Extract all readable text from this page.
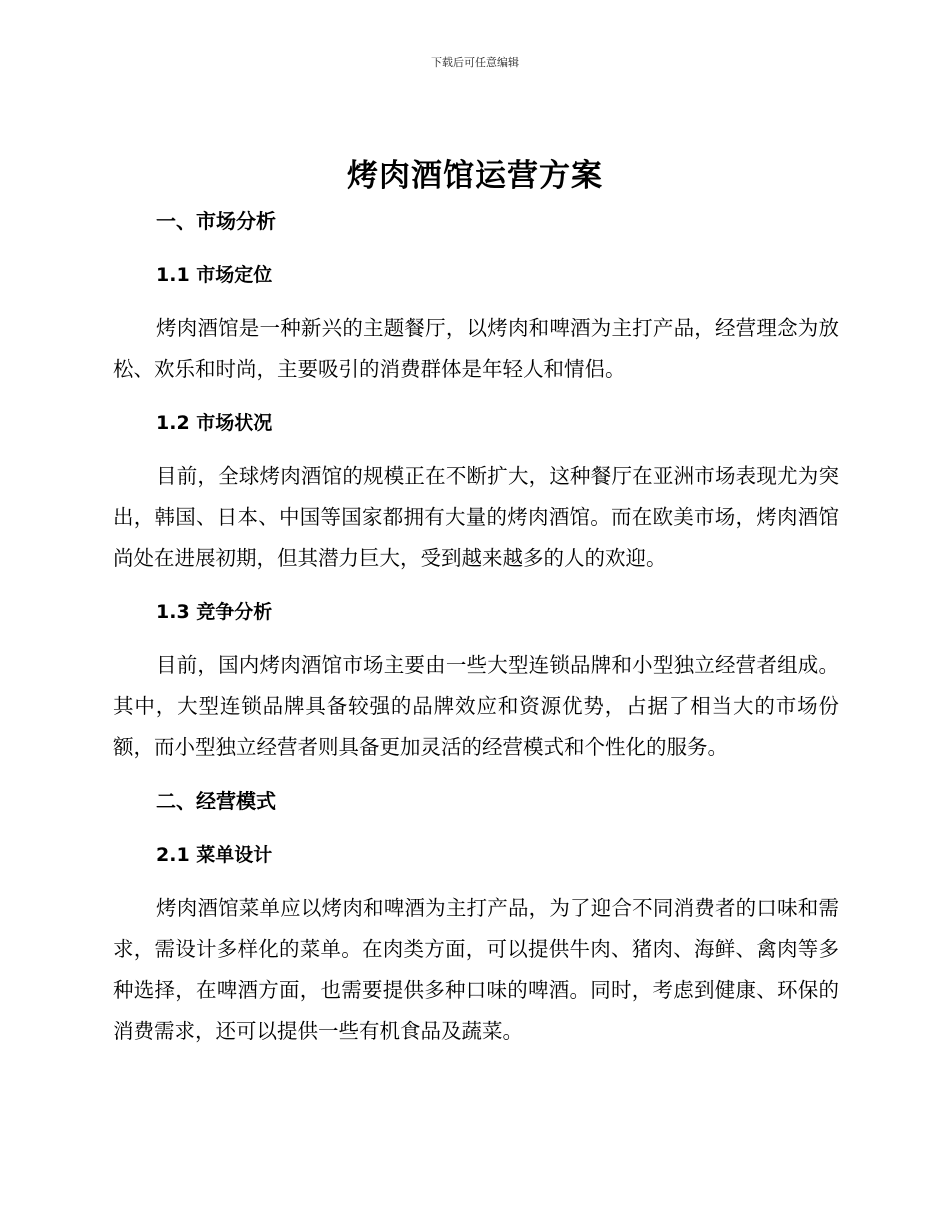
下载后可任意编辑
烤肉酒馆运营方案
一、市场分析
1.1 市场定位

烤肉酒馆是一种新兴的主题餐厅，以烤肉和啤酒为主打产品，经营理念为放松、欢乐和时尚，主要吸引的消费群体是年轻人和情侣。

1.2 市场状况

目前，全球烤肉酒馆的规模正在不断扩大，这种餐厅在亚洲市场表现尤为突出，韩国、日本、中国等国家都拥有大量的烤肉酒馆。而在欧美市场，烤肉酒馆尚处在进展初期，但其潜力巨大，受到越来越多的人的欢迎。

1.3 竞争分析

目前，国内烤肉酒馆市场主要由一些大型连锁品牌和小型独立经营者组成。其中，大型连锁品牌具备较强的品牌效应和资源优势，占据了相当大的市场份额，而小型独立经营者则具备更加灵活的经营模式和个性化的服务。

二、经营模式
2.1 菜单设计

烤肉酒馆菜单应以烤肉和啤酒为主打产品，为了迎合不同消费者的口味和需求，需设计多样化的菜单。在肉类方面，可以提供牛肉、猪肉、海鲜、禽肉等多种选择，在啤酒方面，也需要提供多种口味的啤酒。同时，考虑到健康、环保的消费需求，还可以提供一些有机食品及蔬菜。
